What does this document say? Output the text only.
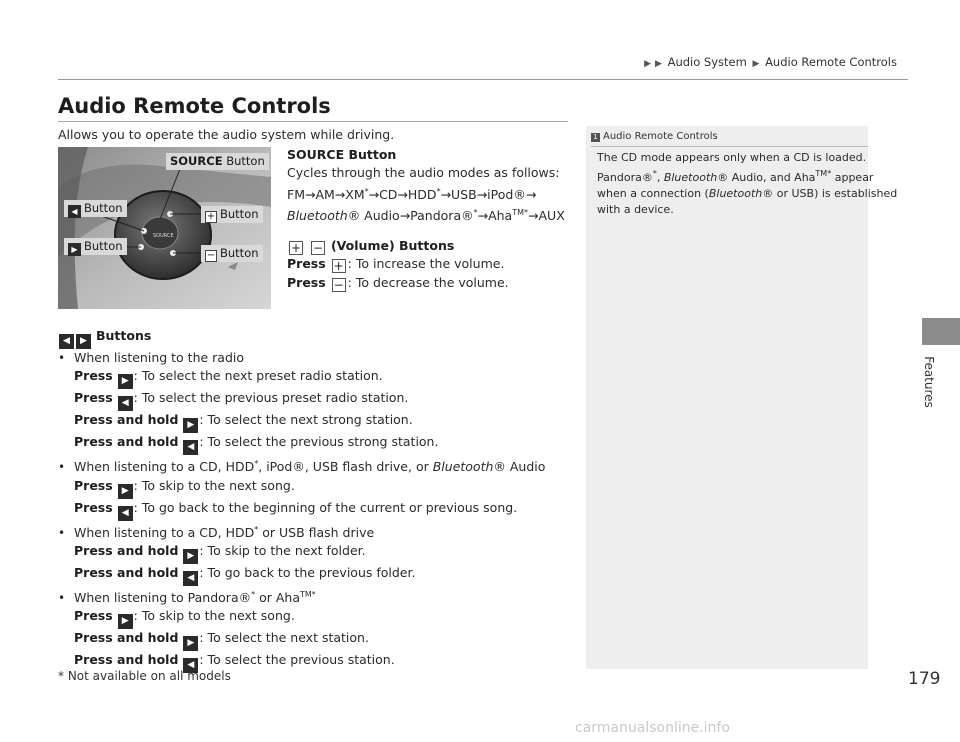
▶ ▶ Audio System ▶ Audio Remote Controls
Features
Audio Remote Controls
Allows you to operate the audio system while driving.
SOURCE
SOURCE Button
◀ Button
+ Button
▶ Button
− Button
SOURCE Button
Cycles through the audio modes as follows:
FM→AM→XM*→CD→HDD*→USB→iPod®→
Bluetooth® Audio→Pandora®*→Aha$^{TM*}$→AUX
+ − (Volume) Buttons
Press + : To increase the volume.
Press − : To decrease the volume.
◀ ▶ Buttons
• When listening to the radio
Press ▶ : To select the next preset radio station.
Press ◀ : To select the previous preset radio station.
Press and hold ▶ : To select the next strong station.
Press and hold ◀ : To select the previous strong station.
• When listening to a CD, HDD*, iPod®, USB flash drive, or Bluetooth® Audio
Press ▶ : To skip to the next song.
Press ◀ : To go back to the beginning of the current or previous song.
• When listening to a CD, HDD* or USB flash drive
Press and hold ▶ : To skip to the next folder.
Press and hold ◀ : To go back to the previous folder.
• When listening to Pandora®* or Aha$^{TM*}$
Press ▶ : To skip to the next song.
Press and hold ▶ : To select the next station.
Press and hold ◀ : To select the previous station.
1 Audio Remote Controls
The CD mode appears only when a CD is loaded.
Pandora®*, Bluetooth® Audio, and Aha$^{TM*}$ appear
when a connection (Bluetooth® or USB) is established
with a device.
179
* Not available on all models
carmanualsonline.info
